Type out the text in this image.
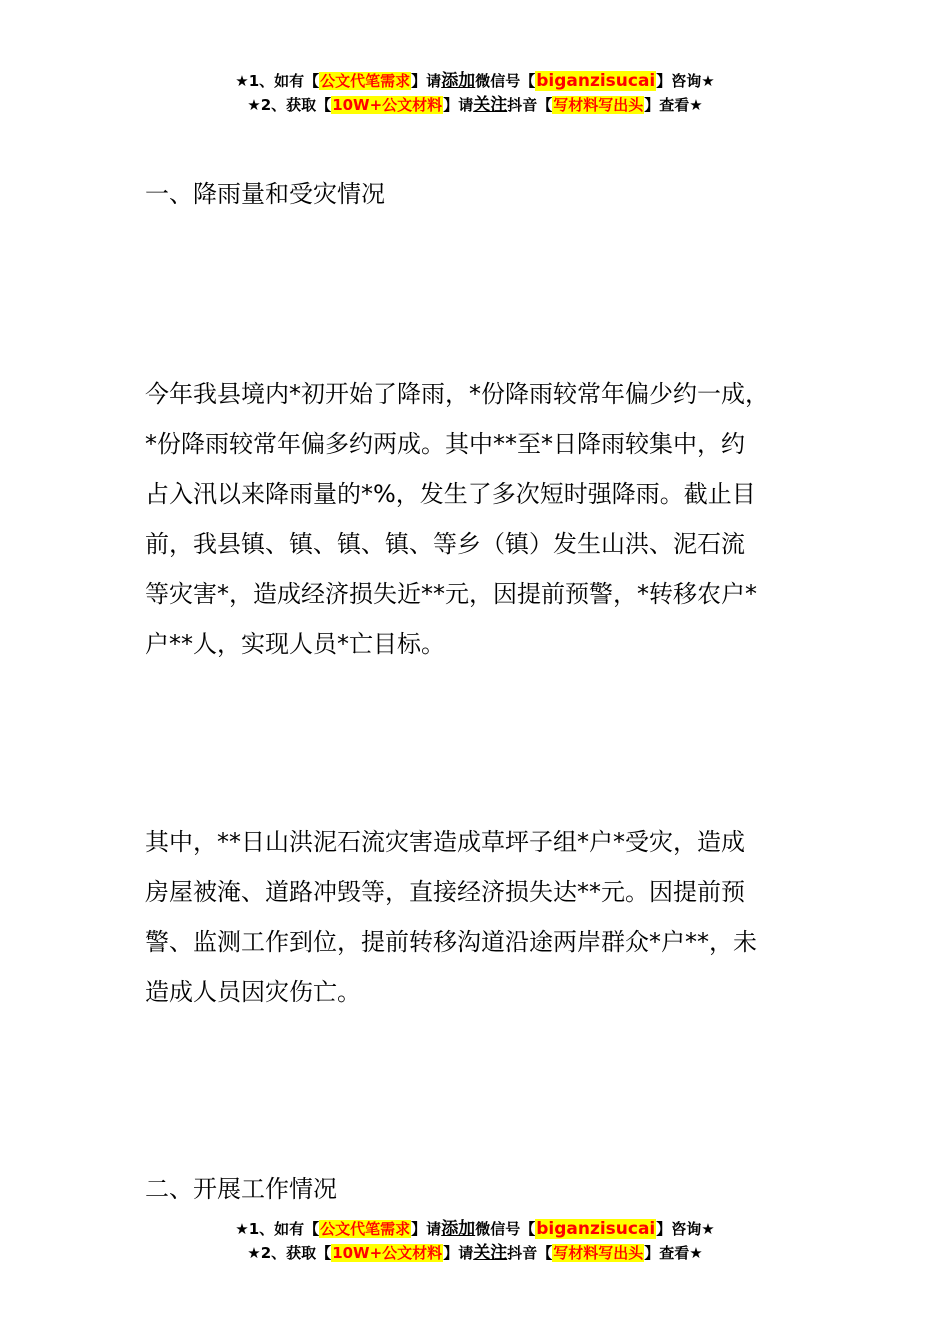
★1、如有【公文代笔需求】请添加微信号【biganzisucai】咨询★
★2、获取【10W+公文材料】请关注抖音【写材料写出头】查看★
一、降雨量和受灾情况
今年我县境内*初开始了降雨，*份降雨较常年偏少约一成，
*份降雨较常年偏多约两成。其中**至*日降雨较集中，约
占入汛以来降雨量的*%，发生了多次短时强降雨。截止目
前，我县镇、镇、镇、镇、等乡（镇）发生山洪、泥石流
等灾害*，造成经济损失近**元，因提前预警，*转移农户*
户**人，实现人员*亡目标。
其中，**日山洪泥石流灾害造成草坪子组*户*受灾，造成
房屋被淹、道路冲毁等，直接经济损失达**元。因提前预
警、监测工作到位，提前转移沟道沿途两岸群众*户**，未
造成人员因灾伤亡。
二、开展工作情况
★1、如有【公文代笔需求】请添加微信号【biganzisucai】咨询★
★2、获取【10W+公文材料】请关注抖音【写材料写出头】查看★
